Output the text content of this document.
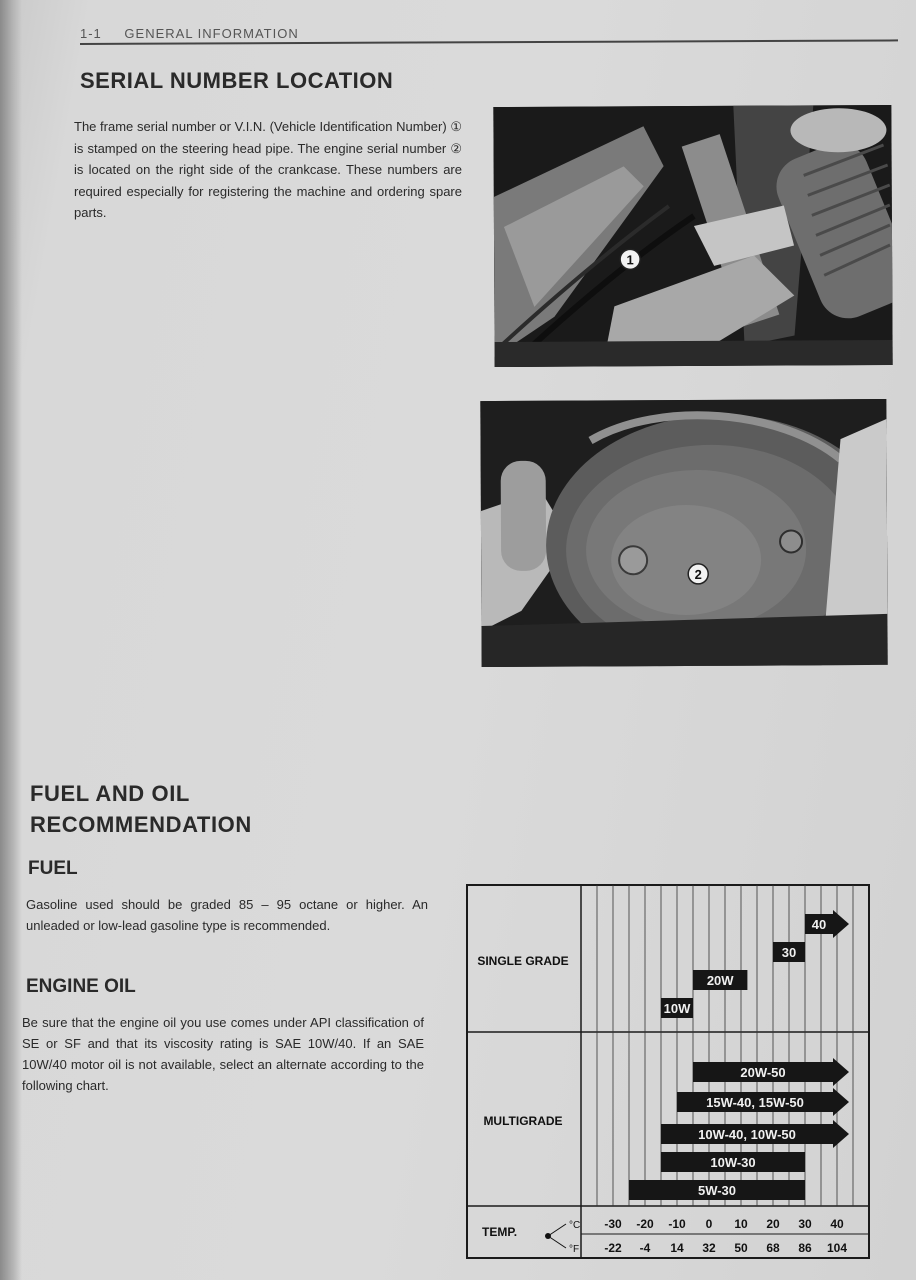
1-1 GENERAL INFORMATION
SERIAL NUMBER LOCATION

The frame serial number or V.I.N. (Vehicle Identification Number) ① is stamped on the steering head pipe. The engine serial number ② is located on the right side of the crankcase. These numbers are required especially for registering the machine and ordering spare parts.

1
2
FUEL AND OIL
RECOMMENDATION
FUEL

Gasoline used should be graded 85 – 95 octane or higher. An unleaded or low-lead gasoline type is recommended.

ENGINE OIL

Be sure that the engine oil you use comes under API classification of SE or SF and that its viscosity rating is SAE 10W/40. If an SAE 10W/40 motor oil is not available, select an alternate according to the following chart.

SINGLE GRADE
MULTIGRADE
TEMP.	°C
°F
-30 -20 -10 0 10 20 30 40
-22 -4 14 32 50 68 86 104
40
30
20W
10W
20W-50
15W-40, 15W-50
10W-40, 10W-50
10W-30
5W-30
